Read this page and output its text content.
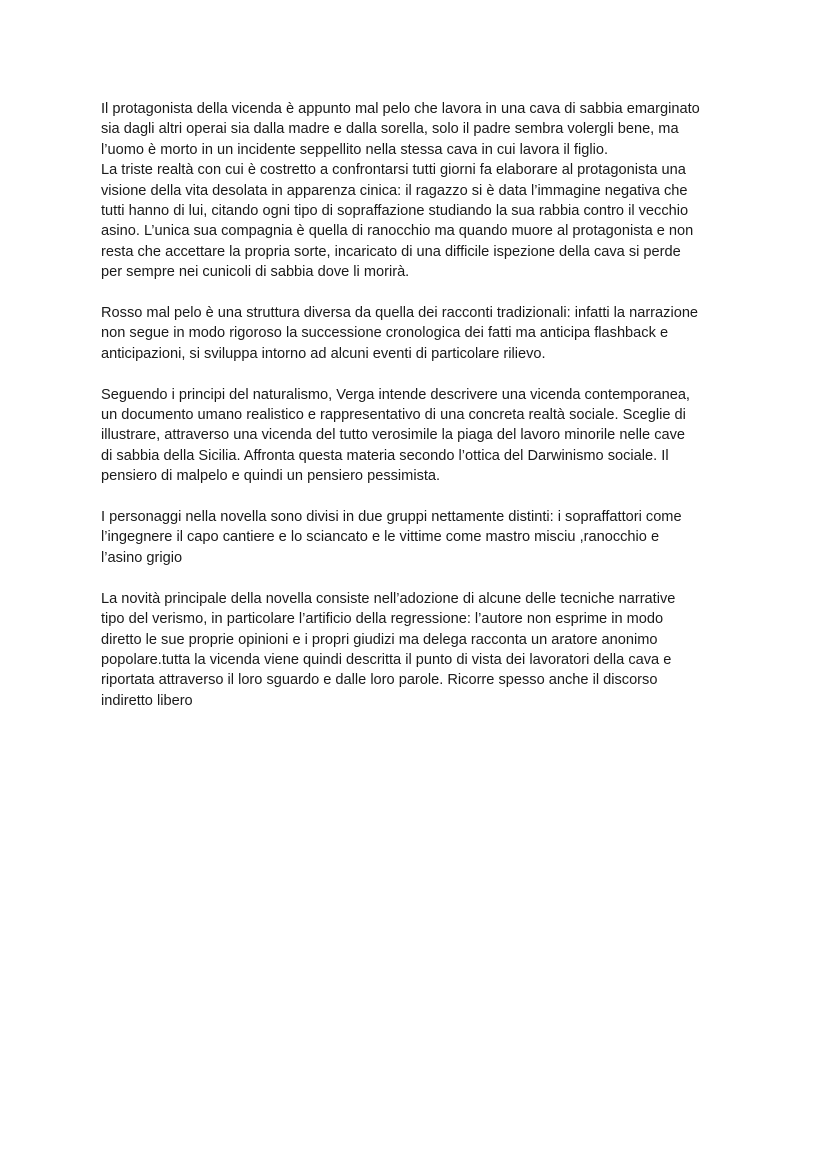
Il protagonista della vicenda è appunto mal pelo che lavora in una cava di sabbia emarginato
sia dagli altri operai sia dalla madre e dalla sorella, solo il padre sembra volergli bene, ma
l’uomo è morto in un incidente seppellito nella stessa cava in cui lavora il figlio.
La triste realtà con cui è costretto a confrontarsi tutti giorni fa elaborare al protagonista una
visione della vita desolata in apparenza cinica: il ragazzo si è data l’immagine negativa che
tutti hanno di lui, citando ogni tipo di sopraffazione studiando la sua rabbia contro il vecchio
asino. L’unica sua compagnia è quella di ranocchio ma quando muore al protagonista e non
resta che accettare la propria sorte, incaricato di una difficile ispezione della cava si perde
per sempre nei cunicoli di sabbia dove li morirà.

Rosso mal pelo è una struttura diversa da quella dei racconti tradizionali: infatti la narrazione
non segue in modo rigoroso la successione cronologica dei fatti ma anticipa flashback e
anticipazioni, si sviluppa intorno ad alcuni eventi di particolare rilievo.

Seguendo i principi del naturalismo, Verga intende descrivere una vicenda contemporanea,
un documento umano realistico e rappresentativo di una concreta realtà sociale. Sceglie di
illustrare, attraverso una vicenda del tutto verosimile la piaga del lavoro minorile nelle cave
di sabbia della Sicilia. Affronta questa materia secondo l’ottica del Darwinismo sociale. Il
pensiero di malpelo e quindi un pensiero pessimista.

I personaggi nella novella sono divisi in due gruppi nettamente distinti: i sopraffattori come
l’ingegnere il capo cantiere e lo sciancato e le vittime come mastro misciu ,ranocchio e
l’asino grigio

La novità principale della novella consiste nell’adozione di alcune delle tecniche narrative
tipo del verismo, in particolare l’artificio della regressione: l’autore non esprime in modo
diretto le sue proprie opinioni e i propri giudizi ma delega racconta un aratore anonimo
popolare.tutta la vicenda viene quindi descritta il punto di vista dei lavoratori della cava e
riportata attraverso il loro sguardo e dalle loro parole. Ricorre spesso anche il discorso
indiretto libero
